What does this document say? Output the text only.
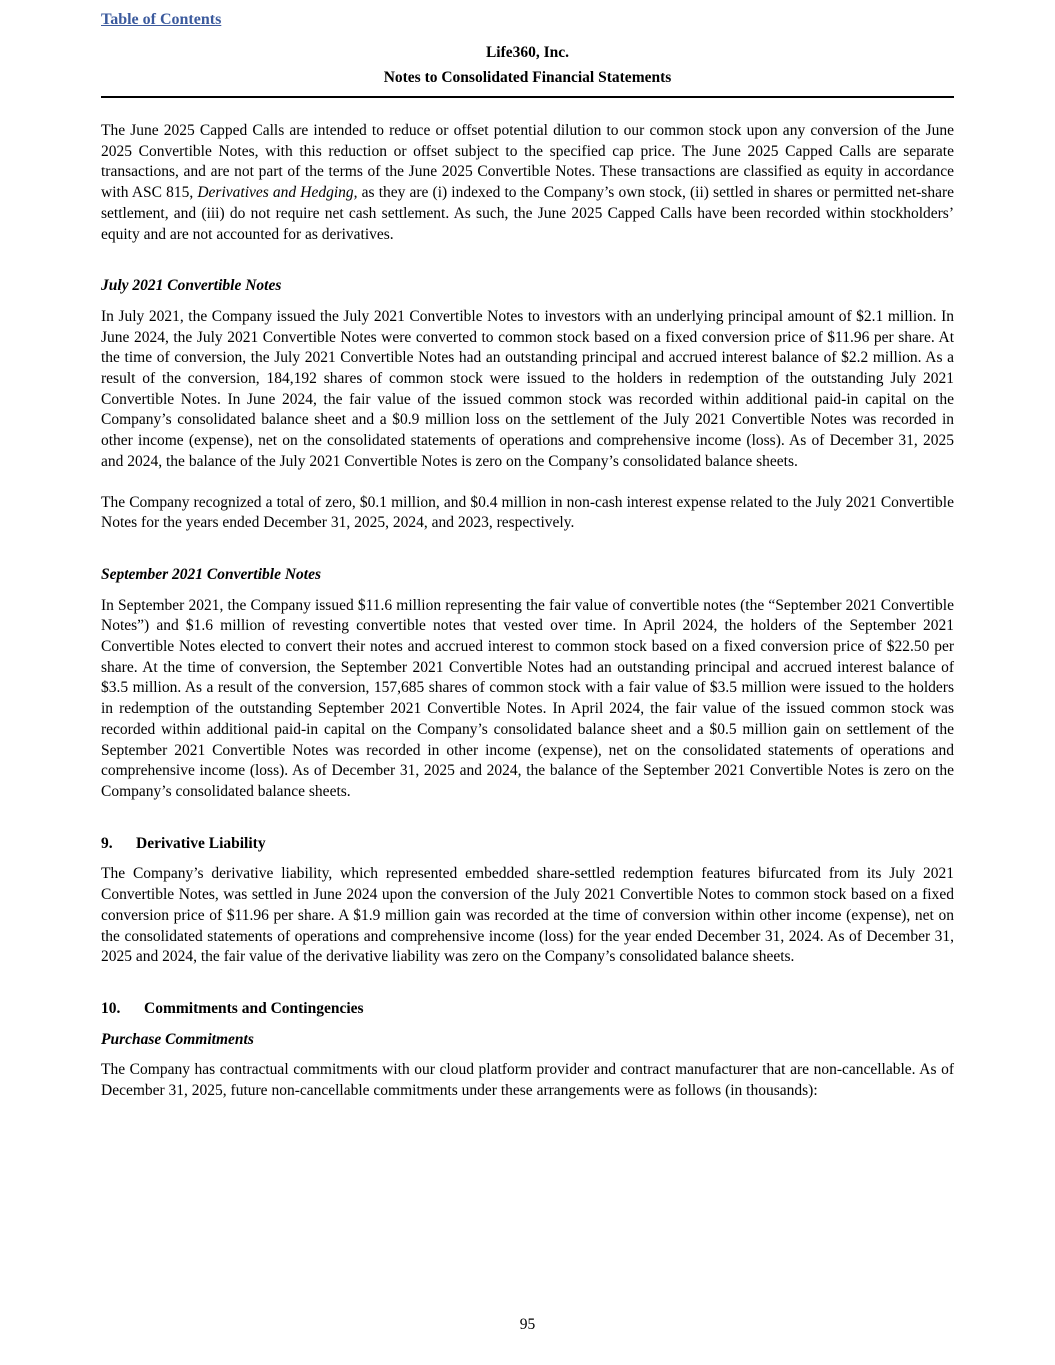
Table of Contents
Life360, Inc.
Notes to Consolidated Financial Statements

The June 2025 Capped Calls are intended to reduce or offset potential dilution to our common stock upon any conversion of the June 2025 Convertible Notes, with this reduction or offset subject to the specified cap price. The June 2025 Capped Calls are separate transactions, and are not part of the terms of the June 2025 Convertible Notes. These transactions are classified as equity in accordance with ASC 815, Derivatives and Hedging, as they are (i) indexed to the Company’s own stock, (ii) settled in shares or permitted net-share settlement, and (iii) do not require net cash settlement. As such, the June 2025 Capped Calls have been recorded within stockholders’ equity and are not accounted for as derivatives.

July 2021 Convertible Notes

In July 2021, the Company issued the July 2021 Convertible Notes to investors with an underlying principal amount of $2.1 million. In June 2024, the July 2021 Convertible Notes were converted to common stock based on a fixed conversion price of $11.96 per share. At the time of conversion, the July 2021 Convertible Notes had an outstanding principal and accrued interest balance of $2.2 million. As a result of the conversion, 184,192 shares of common stock were issued to the holders in redemption of the outstanding July 2021 Convertible Notes. In June 2024, the fair value of the issued common stock was recorded within additional paid-in capital on the Company’s consolidated balance sheet and a $0.9 million loss on the settlement of the July 2021 Convertible Notes was recorded in other income (expense), net on the consolidated statements of operations and comprehensive income (loss). As of December 31, 2025 and 2024, the balance of the July 2021 Convertible Notes is zero on the Company’s consolidated balance sheets.

The Company recognized a total of zero, $0.1 million, and $0.4 million in non-cash interest expense related to the July 2021 Convertible Notes for the years ended December 31, 2025, 2024, and 2023, respectively.

September 2021 Convertible Notes

In September 2021, the Company issued $11.6 million representing the fair value of convertible notes (the “September 2021 Convertible Notes”) and $1.6 million of revesting convertible notes that vested over time. In April 2024, the holders of the September 2021 Convertible Notes elected to convert their notes and accrued interest to common stock based on a fixed conversion price of $22.50 per share. At the time of conversion, the September 2021 Convertible Notes had an outstanding principal and accrued interest balance of $3.5 million. As a result of the conversion, 157,685 shares of common stock with a fair value of $3.5 million were issued to the holders in redemption of the outstanding September 2021 Convertible Notes. In April 2024, the fair value of the issued common stock was recorded within additional paid-in capital on the Company’s consolidated balance sheet and a $0.5 million gain on settlement of the September 2021 Convertible Notes was recorded in other income (expense), net on the consolidated statements of operations and comprehensive income (loss). As of December 31, 2025 and 2024, the balance of the September 2021 Convertible Notes is zero on the Company’s consolidated balance sheets.

9. Derivative Liability

The Company’s derivative liability, which represented embedded share-settled redemption features bifurcated from its July 2021 Convertible Notes, was settled in June 2024 upon the conversion of the July 2021 Convertible Notes to common stock based on a fixed conversion price of $11.96 per share. A $1.9 million gain was recorded at the time of conversion within other income (expense), net on the consolidated statements of operations and comprehensive income (loss) for the year ended December 31, 2024. As of December 31, 2025 and 2024, the fair value of the derivative liability was zero on the Company’s consolidated balance sheets.

10. Commitments and Contingencies
Purchase Commitments

The Company has contractual commitments with our cloud platform provider and contract manufacturer that are non-cancellable. As of December 31, 2025, future non-cancellable commitments under these arrangements were as follows (in thousands):

95
